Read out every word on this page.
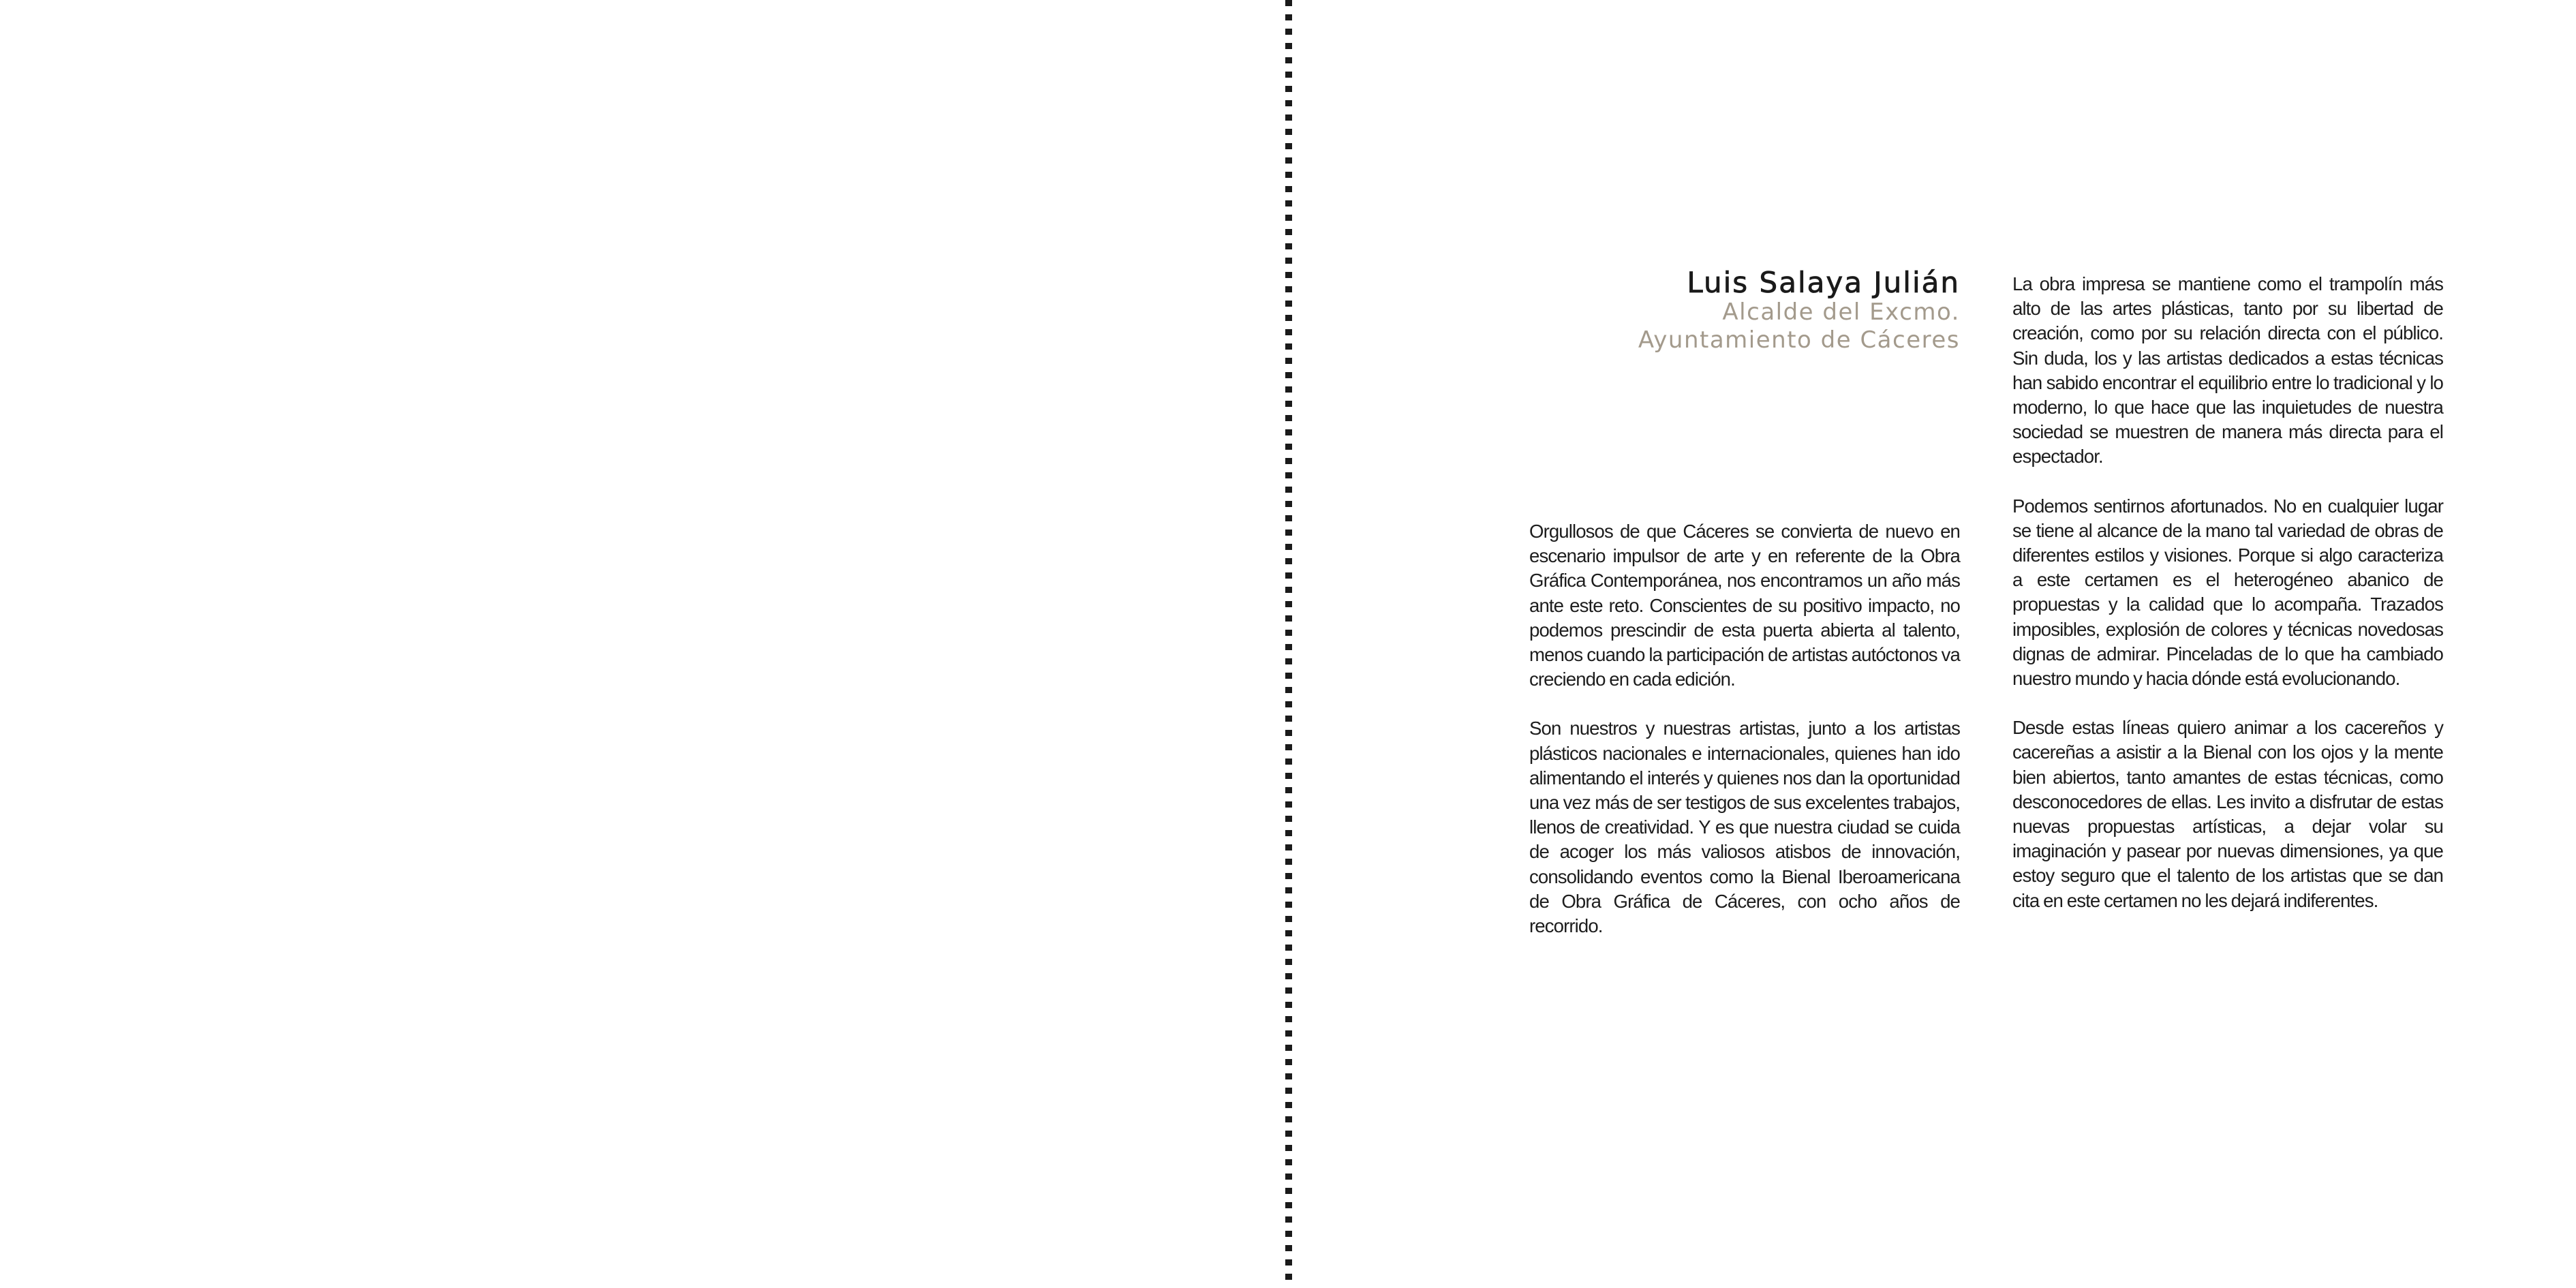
Luis Salaya Julián
Alcalde del Excmo.
Ayuntamiento de Cáceres

Orgullosos de que Cáceres se convierta de nuevo en escenario impulsor de arte y en referente de la Obra Gráfica Contemporánea, nos encontramos un año más ante este reto. Conscientes de su positivo impacto, no podemos prescindir de esta puerta abierta al talento, menos cuando la participación de artistas autóctonos va creciendo en cada edición.

Son nuestros y nuestras artistas, junto a los artistas plásticos nacionales e internacionales, quienes han ido alimentando el interés y quienes nos dan la oportunidad una vez más de ser testigos de sus excelentes trabajos, llenos de creatividad. Y es que nuestra ciudad se cuida de acoger los más valiosos atisbos de innovación, consolidando eventos como la Bienal Iberoamericana de Obra Gráfica de Cáceres, con ocho años de recorrido.

La obra impresa se mantiene como el trampolín más alto de las artes plásticas, tanto por su libertad de creación, como por su relación directa con el público. Sin duda, los y las artistas dedicados a estas técnicas han sabido encontrar el equilibrio entre lo tradicional y lo moderno, lo que hace que las inquietudes de nuestra sociedad se muestren de manera más directa para el espectador.

Podemos sentirnos afortunados. No en cualquier lugar se tiene al alcance de la mano tal variedad de obras de diferentes estilos y visiones. Porque si algo caracteriza a este certamen es el heterogéneo abanico de propuestas y la calidad que lo acompaña. Trazados imposibles, explosión de colores y técnicas novedosas dignas de admirar. Pinceladas de lo que ha cambiado nuestro mundo y hacia dónde está evolucionando.

Desde estas líneas quiero animar a los cacereños y cacereñas a asistir a la Bienal con los ojos y la mente bien abiertos, tanto amantes de estas técnicas, como desconocedores de ellas. Les invito a disfrutar de estas nuevas propuestas artísticas, a dejar volar su imaginación y pasear por nuevas dimensiones, ya que estoy seguro que el talento de los artistas que se dan cita en este certamen no les dejará indiferentes.
